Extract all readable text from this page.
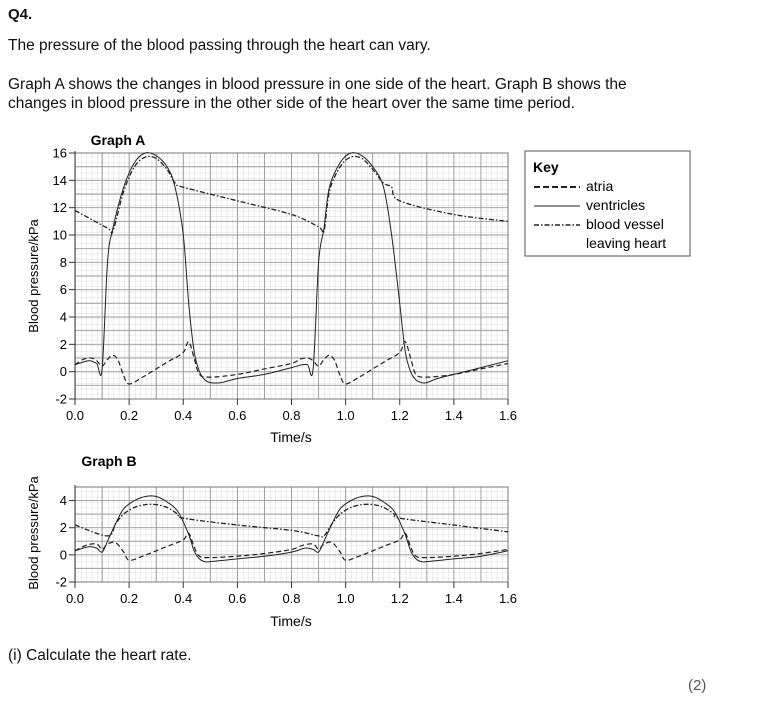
Q4.
The pressure of the blood passing through the heart can vary.
Graph A shows the changes in blood pressure in one side of the heart. Graph B shows the
changes in blood pressure in the other side of the heart over the same time period.
Graph A
-2
0
2
4
6
8
10
12
14
16
0.0	0.2	0.4	0.6	0.8	1.0	1.2	1.4	1.6
Time/s
Blood pressure/kPa
Graph B
-2
0
2
4
0.0	0.2	0.4	0.6	0.8	1.0	1.2	1.4	1.6
Time/s
Blood pressure/kPa
Key
atria
ventricles
blood vessel
leaving heart
(i) Calculate the heart rate.
(2)
